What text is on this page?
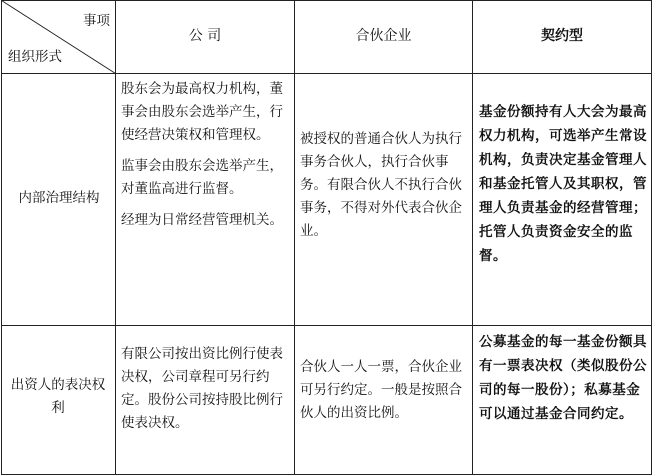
事项
组织形式
公 司	合伙企业	契约型
内部治理结构

股东会为最高权力机构，董事会由股东会选举产生，行使经营决策权和管理权。

监事会由股东会选举产生，对董监高进行监督。

经理为日常经营管理机关。

被授权的普通合伙人为执行事务合伙人，执行合伙事务。有限合伙人不执行合伙事务，不得对外代表合伙企业。
基金份额持有人大会为最高权力机构，可选举产生常设机构，负责决定基金管理人和基金托管人及其职权，管理人负责基金的经营管理；托管人负责资金安全的监督。
出资人的表决权利
有限公司按出资比例行使表决权，公司章程可另行约定。股份公司按持股比例行使表决权。
合伙人一人一票，合伙企业可另行约定。一般是按照合伙人的出资比例。
公募基金的每一基金份额具有一票表决权（类似股份公司的每一股份）；私募基金可以通过基金合同约定。
